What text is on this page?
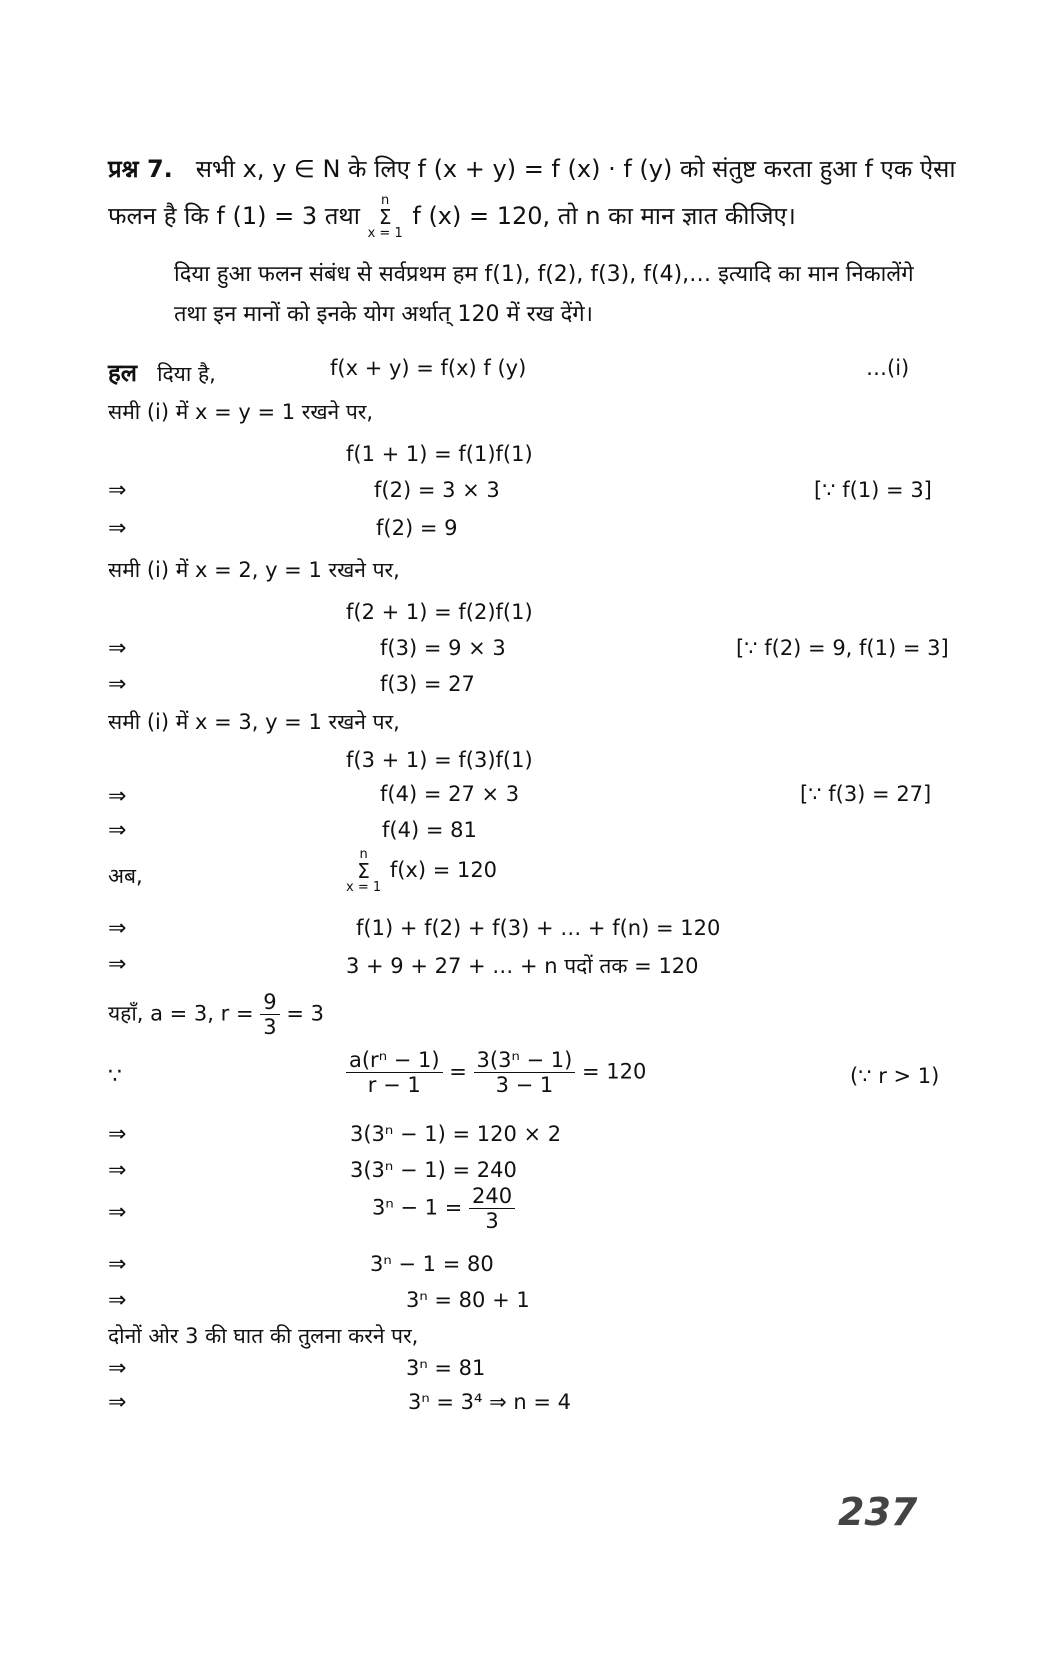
प्रश्न 7. सभी x, y ∈ N के लिए f (x + y) = f (x) · f (y) को संतुष्ट करता हुआ f एक ऐसा
फलन है कि f (1) = 3 तथा
n
Σ
x = 1
f (x) = 120, तो n का मान ज्ञात कीजिए।
दिया हुआ फलन संबंध से सर्वप्रथम हम f(1), f(2), f(3), f(4),… इत्यादि का मान निकालेंगे
तथा इन मानों को इनके योग अर्थात् 120 में रख देंगे।
हल दिया है,	f(x + y) = f(x) f (y)	…(i)
समी (i) में x = y = 1 रखने पर,
f(1 + 1) = f(1)f(1)
⇒	f(2) = 3 × 3	[∵ f(1) = 3]
⇒	f(2) = 9
समी (i) में x = 2, y = 1 रखने पर,
f(2 + 1) = f(2)f(1)
⇒	f(3) = 9 × 3	[∵ f(2) = 9, f(1) = 3]
⇒	f(3) = 27
समी (i) में x = 3, y = 1 रखने पर,
f(3 + 1) = f(3)f(1)
⇒	f(4) = 27 × 3	[∵ f(3) = 27]
⇒	f(4) = 81
अब,
n
Σ
x = 1
f(x) = 120
⇒	f(1) + f(2) + f(3) + … + f(n) = 120
⇒	3 + 9 + 27 + … + n पदों तक = 120
यहाँ, a = 3, $r = \frac{9}{3} = 3$
∵	$\frac{\text{a(rⁿ − 1)}}{r - 1} = \frac{\text{3(3ⁿ − 1)}}{3 - 1} = 120$	(∵ r > 1)
⇒	3(3ⁿ − 1) = 120 × 2
⇒	3(3ⁿ − 1) = 240
⇒	$3^n - 1 = \frac{240}{3}$
⇒	3ⁿ − 1 = 80
⇒	3ⁿ = 80 + 1
दोनों ओर 3 की घात की तुलना करने पर,
⇒	3ⁿ = 81
⇒	3ⁿ = 3⁴ ⇒ n = 4
237
